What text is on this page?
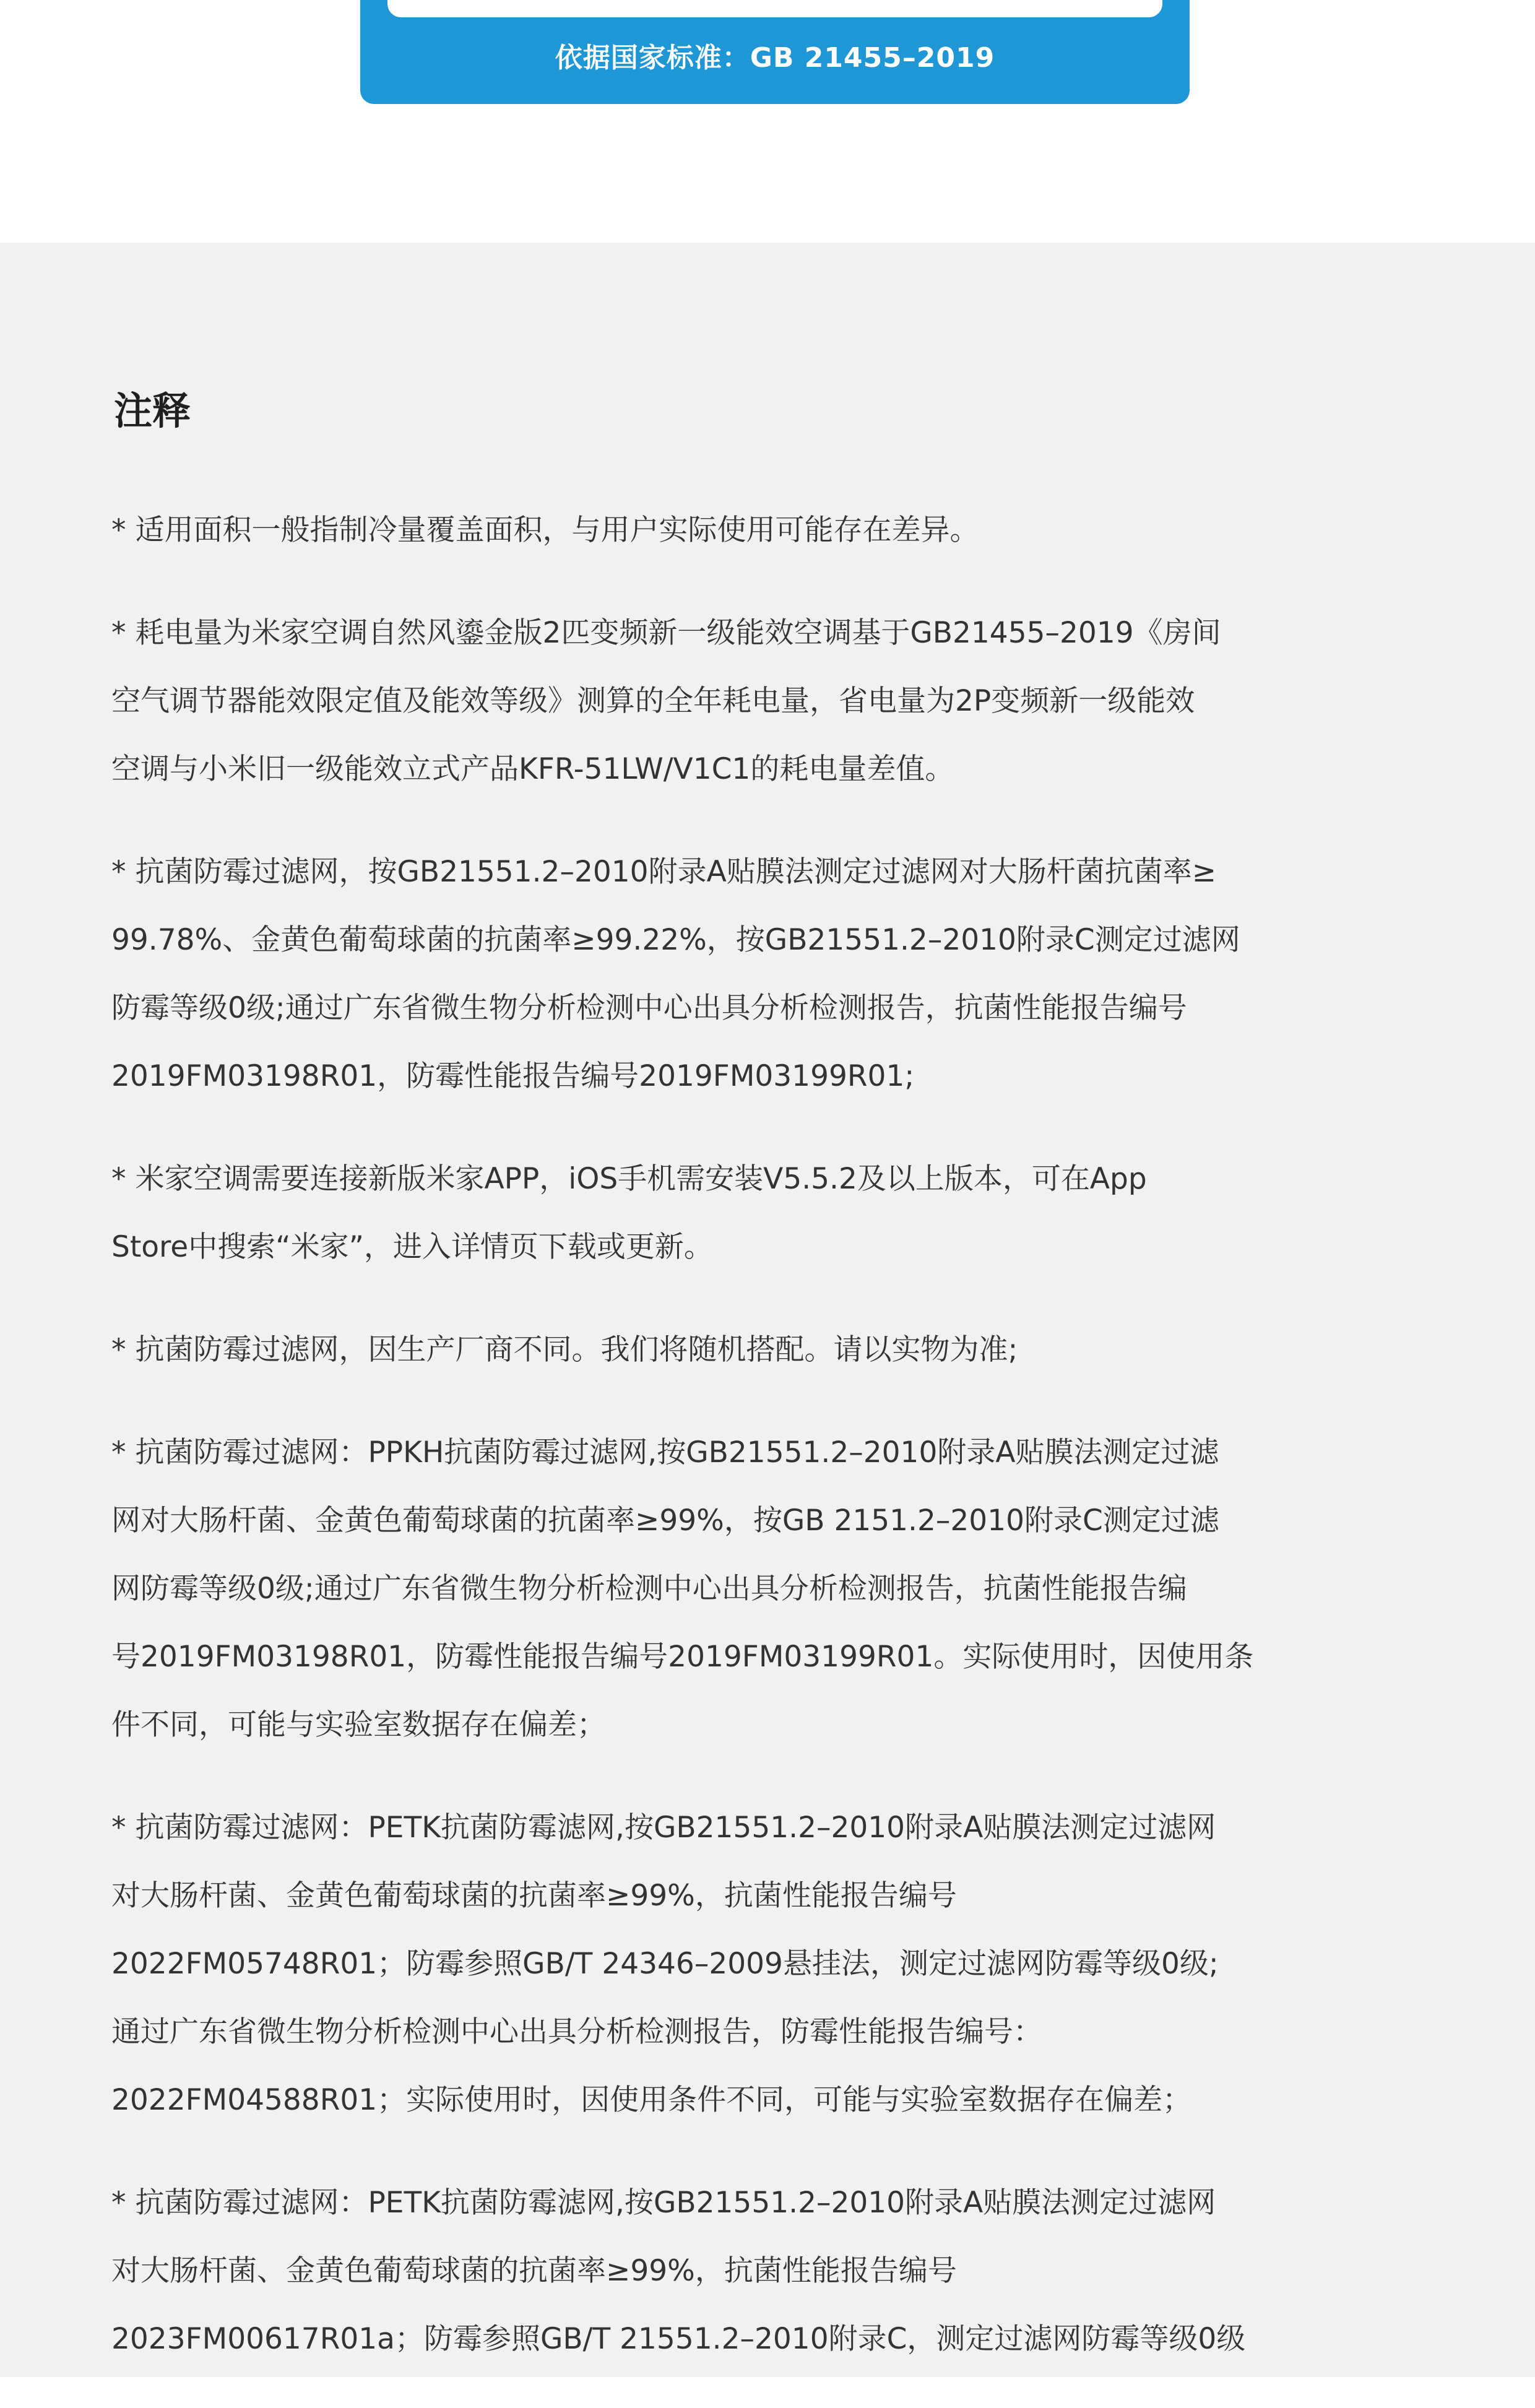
依据国家标准：GB 21455–2019
注释
* 适用面积一般指制冷量覆盖面积，与用户实际使用可能存在差异。
* 耗电量为米家空调自然风鎏金版2匹变频新一级能效空调基于GB21455–2019《房间
空气调节器能效限定值及能效等级》测算的全年耗电量，省电量为2P变频新一级能效
空调与小米旧一级能效立式产品KFR-51LW/V1C1的耗电量差值。
* 抗菌防霉过滤网，按GB21551.2–2010附录A贴膜法测定过滤网对大肠杆菌抗菌率≥
99.78%、金黄色葡萄球菌的抗菌率≥99.22%，按GB21551.2–2010附录C测定过滤网
防霉等级0级;通过广东省微生物分析检测中心出具分析检测报告，抗菌性能报告编号
2019FM03198R01，防霉性能报告编号2019FM03199R01;
* 米家空调需要连接新版米家APP，iOS手机需安装V5.5.2及以上版本，可在App
Store中搜索“米家”，进入详情页下载或更新。
* 抗菌防霉过滤网，因生产厂商不同。我们将随机搭配。请以实物为准;
* 抗菌防霉过滤网：PPKH抗菌防霉过滤网,按GB21551.2–2010附录A贴膜法测定过滤
网对大肠杆菌、金黄色葡萄球菌的抗菌率≥99%，按GB 2151.2–2010附录C测定过滤
网防霉等级0级;通过广东省微生物分析检测中心出具分析检测报告，抗菌性能报告编
号2019FM03198R01，防霉性能报告编号2019FM03199R01。实际使用时，因使用条
件不同，可能与实验室数据存在偏差；
* 抗菌防霉过滤网：PETK抗菌防霉滤网,按GB21551.2–2010附录A贴膜法测定过滤网
对大肠杆菌、金黄色葡萄球菌的抗菌率≥99%，抗菌性能报告编号
2022FM05748R01；防霉参照GB/T 24346–2009悬挂法，测定过滤网防霉等级0级;
通过广东省微生物分析检测中心出具分析检测报告，防霉性能报告编号：
2022FM04588R01；实际使用时，因使用条件不同，可能与实验室数据存在偏差；
* 抗菌防霉过滤网：PETK抗菌防霉滤网,按GB21551.2–2010附录A贴膜法测定过滤网
对大肠杆菌、金黄色葡萄球菌的抗菌率≥99%，抗菌性能报告编号
2023FM00617R01a；防霉参照GB/T 21551.2–2010附录C，测定过滤网防霉等级0级
